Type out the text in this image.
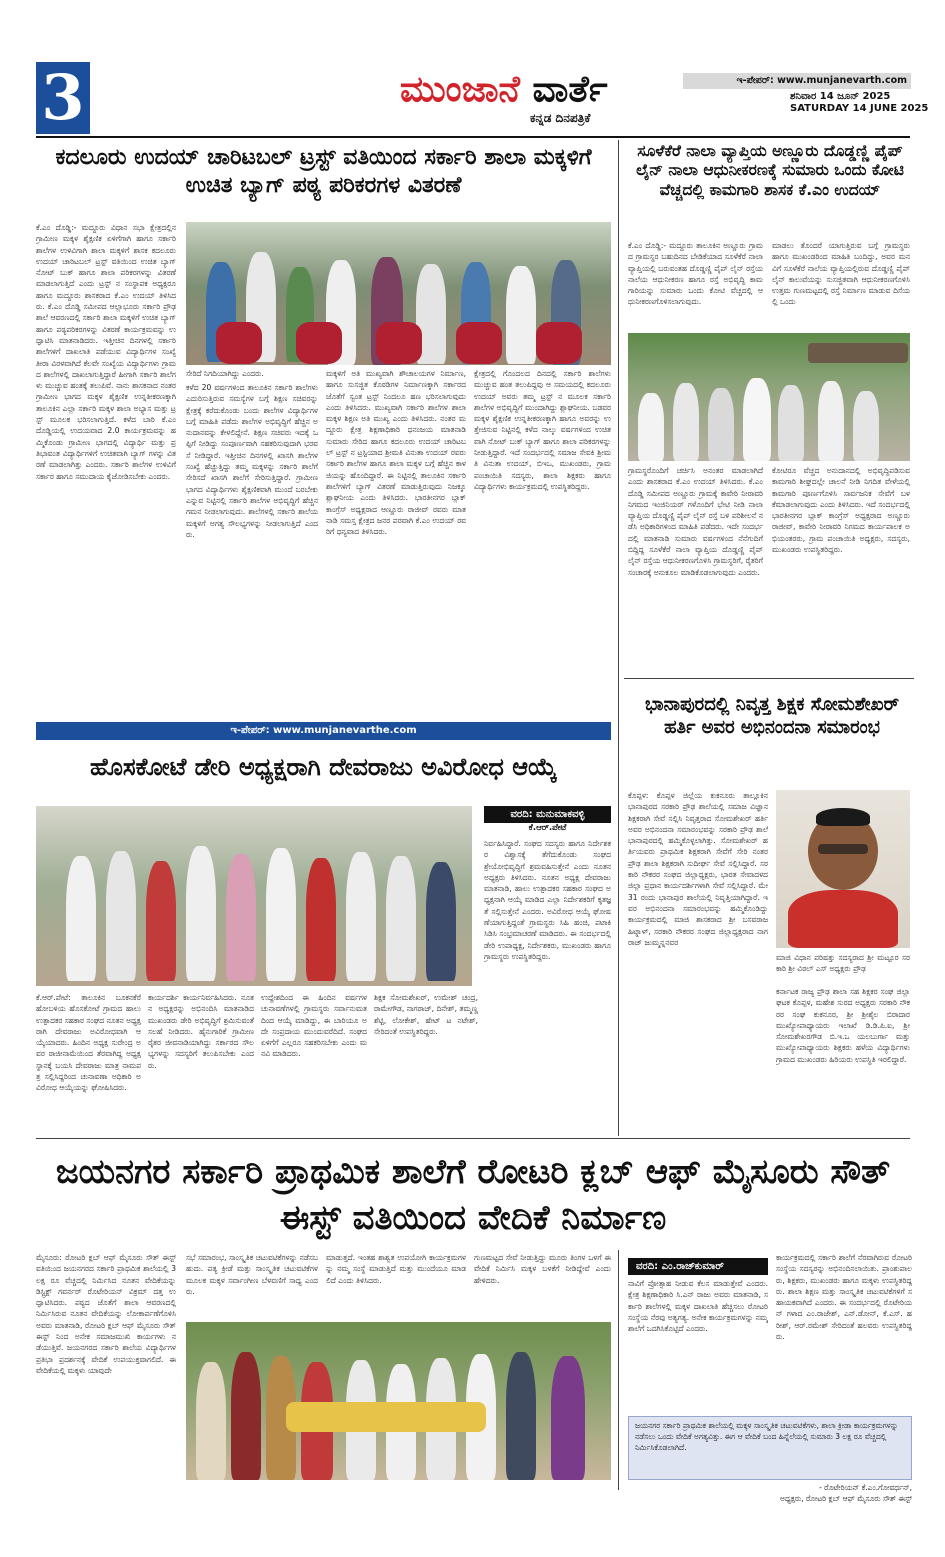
3	ಮುಂಜಾನೆ ವಾರ್ತೆ
ಕನ್ನಡ ದಿನಪತ್ರಿಕೆ
ಇ-ಪೇಪರ್: www.munjanevarth.com
ಶನಿವಾರ 14 ಜೂನ್ 2025
SATURDAY 14 JUNE 2025
ಕದಲೂರು ಉದಯ್ ಚಾರಿಟಬಲ್ ಟ್ರಸ್ಟ್ ವತಿಯಿಂದ ಸರ್ಕಾರಿ ಶಾಲಾ ಮಕ್ಕಳಿಗೆ ಉಚಿತ ಬ್ಯಾಗ್ ಪಠ್ಯ ಪರಿಕರಗಳ ವಿತರಣೆ
ಕೆ.ಎಂ ದೊಡ್ಡಿ:- ಮದ್ದೂರು ವಿಧಾನ ಸಭಾ ಕ್ಷೇತ್ರದಲ್ಲಿನ ಗ್ರಾಮೀಣ ಮಕ್ಕಳ ಶೈಕ್ಷಣಿಕ ಏಳಿಗೆಗಾಗಿ ಹಾಗೂ ಸರ್ಕಾರಿ ಶಾಲೆಗಳ ಉಳಿವಿಗಾಗಿ ಶಾಲಾ ಮಕ್ಕಳಿಗೆ ಶಾಸಕ ಕದಲೂರು ಉದಯ್ ಚಾರಿಟಬಲ್ ಟ್ರಸ್ಟ್ ವತಿಯಿಂದ ಉಚಿತ ಬ್ಯಾಗ್ ನೋಟ್ ಬುಕ್ ಹಾಗೂ ಶಾಲಾ ಪರಿಕರಗಳನ್ನು ವಿತರಣೆ ಮಾಡಲಾಗುತ್ತಿದೆ ಎಂದು ಟ್ರಸ್ಟ್ ನ ಸಂಸ್ಥಾಪಕ ಅಧ್ಯಕ್ಷರೂ ಹಾಗೂ ಮದ್ದೂರು ಶಾಸಕರಾದ ಕೆ.ಎಂ ಉದಯ್ ತಿಳಿಸಿದರು. ಕೆ.ಎಂ ದೊಡ್ಡಿ ಸಮೀಪದ ಆಲ್ಲಾಭೂರು ಸರ್ಕಾರಿ ಪ್ರೌಢಶಾಲೆ ಆವರಣದಲ್ಲಿ ಸರ್ಕಾರಿ ಶಾಲಾ ಮಕ್ಕಳಿಗೆ ಉಚಿತ ಬ್ಯಾಗ್ ಹಾಗೂ ಪಠ್ಯಪರಿಕರಗಳನ್ನು ವಿತರಣೆ ಕಾರ್ಯಕ್ರಮವನ್ನು ಉದ್ಘಾಟಿಸಿ ಮಾತನಾಡಿದರು. ಇತ್ತೀಚಿನ ದಿನಗಳಲ್ಲಿ ಸರ್ಕಾರಿ ಶಾಲೆಗಳಿಗೆ ದಾಖಲಾತಿ ಪಡೆಯುವ ವಿದ್ಯಾರ್ಥಿಗಳ ಸಂಖ್ಯೆ ತೀರಾ ವಿರಳವಾಗಿದೆ ಕೆಲವೇ ಸಂಖ್ಯೆಯ ವಿದ್ಯಾರ್ಥಿಗಳು ಗ್ರಾಮದ ಶಾಲೆಗಳಲ್ಲಿ ದಾಖಲಾಗುತ್ತಿದ್ದಾರೆ ಹೀಗಾಗಿ ಸರ್ಕಾರಿ ಶಾಲೆಗಳು ಮುಚ್ಚುವ ಹಂತಕ್ಕೆ ತಲುಪಿವೆ. ನಾನು ಶಾಸಕನಾದ ನಂತರ ಗ್ರಾಮೀಣ ಭಾಗದ ಮಕ್ಕಳ ಶೈಕ್ಷಣಿಕ ಉನ್ನತೀಕರಣಕ್ಕಾಗಿ ತಾಲೂಕಿನ ಎಲ್ಲಾ ಸರ್ಕಾರಿ ಮಕ್ಕಳ ಶಾಲಾ ಅಭ್ಯಾಸ ಮತ್ತು ಟ್ರಸ್ಟ್ ಮೂಲಕ ಭರಿಸಲಾಗುತ್ತಿದೆ. ಕಳೆದ ಬಾರಿ ಕೆ.ಎಂ ದೊಡ್ಡಿಯಲ್ಲಿ ಉದಯವಾದ 2.0 ಕಾರ್ಯಕ್ರಮವನ್ನು ಹಮ್ಮಿಕೊಂಡು ಗ್ರಾಮೀಣ ಭಾಗದಲ್ಲಿ ವಿದ್ಯಾರ್ಥಿ ಮತ್ತು ಪ್ರತಿಭಾವಂತ ವಿದ್ಯಾರ್ಥಿಗಳಿಗೆ ಉಚಿತವಾಗಿ ಬ್ಯಾಗ್ ಗಳನ್ನು ವಿತರಣೆ ಮಾಡಲಾಗಿತ್ತು ಎಂದರು. ಸರ್ಕಾರಿ ಶಾಲೆಗಳ ಉಳಿವಿಗೆ ಸರ್ಕಾರ ಹಾಗೂ ಸಮುದಾಯ ಕೈಜೋಡಿಸಬೇಕು ಎಂದರು.
ಸೇರಿದೆ ನಿಗದಿಯಾಗಿದ್ದು ಎಂದರು.
ಕಳೆದ 20 ವರ್ಷಗಳಿಂದ ತಾಲೂಕಿನ ಸರ್ಕಾರಿ ಶಾಲೆಗಳು ಎದುರಿಸುತ್ತಿರುವ ಸಮಸ್ಯೆಗಳ ಬಗ್ಗೆ ಶಿಕ್ಷಣ ಸಚಿವರನ್ನು ಕ್ಷೇತ್ರಕ್ಕೆ ಕರೆದುಕೊಂಡು ಬಂದು ಶಾಲೆಗಳ ವಿದ್ಯಾರ್ಥಿಗಳ ಬಗ್ಗೆ ಮಾಹಿತಿ ಪಡೆದು ಶಾಲೆಗಳ ಅಭಿವೃದ್ಧಿಗೆ ಹೆಚ್ಚಿನ ಅನುದಾನವನ್ನು ಕೇಳಲಿದ್ದೇನೆ. ಶಿಕ್ಷಣ ಸಚಿವರು ಇದಕ್ಕೆ ಒಪ್ಪಿಗೆ ನೀಡಿದ್ದು ಸಂಪೂರ್ಣವಾಗಿ ಸಹಕರಿಸುವುದಾಗಿ ಭರವಸೆ ನೀಡಿದ್ದಾರೆ. ಇತ್ತೀಚಿನ ದಿನಗಳಲ್ಲಿ ಖಾಸಗಿ ಶಾಲೆಗಳ ಸಂಖ್ಯೆ ಹೆಚ್ಚುತ್ತಿದ್ದು ತಮ್ಮ ಮಕ್ಕಳನ್ನು ಸರ್ಕಾರಿ ಶಾಲೆಗೆ ಸೇರಿಸದೆ ಖಾಸಗಿ ಶಾಲೆಗೆ ಸೇರಿಸುತ್ತಿದ್ದಾರೆ. ಗ್ರಾಮೀಣ ಭಾಗದ ವಿದ್ಯಾರ್ಥಿಗಳು ಶೈಕ್ಷಣಿಕವಾಗಿ ಮುಂದೆ ಬರಬೇಕು ಎನ್ನುವ ನಿಟ್ಟಿನಲ್ಲಿ ಸರ್ಕಾರಿ ಶಾಲೆಗಳ ಅಭಿವೃದ್ಧಿಗೆ ಹೆಚ್ಚಿನ ಗಮನ ನೀಡಲಾಗುವುದು. ಶಾಲೆಗಳಲ್ಲಿ ಸರ್ಕಾರಿ ಶಾಲೆಯ ಮಕ್ಕಳಿಗೆ ಅಗತ್ಯ ಸೌಲಭ್ಯಗಳನ್ನು ನೀಡಲಾಗುತ್ತಿದೆ ಎಂದರು.
ಮಕ್ಕಳಿಗೆ ಅತಿ ಮುಖ್ಯವಾಗಿ ಶೌಚಾಲಯಗಳ ನಿರ್ಮಾಣ,ಹಾಗೂ ಸುಸಜ್ಜಿತ ಕೊಠಡಿಗಳ ನಿರ್ಮಾಣಕ್ಕಾಗಿ ಸರ್ಕಾರದ ಜೊತೆಗೆ ಸ್ವಂತ ಟ್ರಸ್ಟ್ ನಿಂದಲೂ ಹಣ ಭರಿಸಲಾಗುವುದು ಎಂದು ತಿಳಿಸಿದರು. ಮುಖ್ಯವಾಗಿ ಸರ್ಕಾರಿ ಶಾಲೆಗಳ ಶಾಲಾ ಮಕ್ಕಳ ಶಿಕ್ಷಣ ಅತಿ ಮುಖ್ಯ ಎಂದು ತಿಳಿಸಿದರು. ನಂತರ ಮದ್ದೂರು ಕ್ಷೇತ್ರ ಶಿಕ್ಷಣಾಧಿಕಾರಿ ಧನಂಜಯ ಮಾತನಾಡಿ ಸುಮಾರು ಸೇರಿದ ಹಾಗೂ ಕದಲೂರು ಉದಯ್ ಚಾರಿಟಬಲ್ ಟ್ರಸ್ಟ್ ನ ಟ್ರಸ್ಟಿಯಾದ ಶ್ರೀಮತಿ ವಿನುತಾ ಉದಯ್ ರವರು ಸರ್ಕಾರಿ ಶಾಲೆಗಳ ಹಾಗೂ ಶಾಲಾ ಮಕ್ಕಳ ಬಗ್ಗೆ ಹೆಚ್ಚಿನ ಕಾಳಜಿಯನ್ನು ಹೊಂದಿದ್ದಾರೆ. ಈ ನಿಟ್ಟಿನಲ್ಲಿ ತಾಲೂಕಿನ ಸರ್ಕಾರಿ ಶಾಲೆಗಳಿಗೆ ಬ್ಯಾಗ್ ವಿತರಣೆ ಮಾಡುತ್ತಿರುವುದು ನಿಜಕ್ಕೂ ಶ್ಲಾಘನೀಯ ಎಂದು ತಿಳಿಸಿದರು. ಭಾರತೀನಗರ ಬ್ಲಾಕ್ ಕಾಂಗ್ರೆಸ್ ಅಧ್ಯಕ್ಷರಾದ ಆಣ್ಣೂರು ರಾಜೀವ್ ರವರು ಮಾತನಾಡಿ ಸಮಸ್ತ ಕ್ಷೇತ್ರದ ಜನರ ಪರವಾಗಿ ಕೆ.ಎಂ ಉದಯ್ ರವರಿಗೆ ಧನ್ಯವಾದ ತಿಳಿಸಿದರು.
ಕ್ಷೇತ್ರದಲ್ಲಿ ಗೊಂದಲದ ದಿನದಲ್ಲಿ ಸರ್ಕಾರಿ ಶಾಲೆಗಳು ಮುಚ್ಚುವ ಹಂತ ತಲುಪಿದ್ದವು ಆ ಸಮಯದಲ್ಲಿ ಕದಲೂರು ಉದಯ್ ಅವರು ತಮ್ಮ ಟ್ರಸ್ಟ್ ನ ಮೂಲಕ ಸರ್ಕಾರಿ ಶಾಲೆಗಳ ಅಭಿವೃದ್ಧಿಗೆ ಮುಂದಾಗಿದ್ದು ಶ್ಲಾಘನೀಯ. ಬಡವರ ಮಕ್ಕಳ ಶೈಕ್ಷಣಿಕ ಉನ್ನತೀಕರಣಕ್ಕಾಗಿ ಹಾಗೂ ಅವರನ್ನು ಉತ್ತೇಜಿಸುವ ನಿಟ್ಟಿನಲ್ಲಿ ಕಳೆದ ನಾಲ್ಕು ವರ್ಷಗಳಿಂದ ಉಚಿತವಾಗಿ ನೋಟ್ ಬುಕ್ ಬ್ಯಾಗ್ ಹಾಗೂ ಶಾಲಾ ಪರಿಕರಗಳನ್ನು ನೀಡುತ್ತಿದ್ದಾರೆ. ಇದೆ ಸಂದರ್ಭದಲ್ಲಿ ಸಮಾಜ ಸೇವಕಿ ಶ್ರೀಮತಿ ವಿನುತಾ ಉದಯ್, ಬಿಇಒ, ಮುಖಂಡರು, ಗ್ರಾಮ ಪಂಚಾಯಿತಿ ಸದಸ್ಯರು, ಶಾಲಾ ಶಿಕ್ಷಕರು ಹಾಗೂ ವಿದ್ಯಾರ್ಥಿಗಳು ಕಾರ್ಯಕ್ರಮದಲ್ಲಿ ಉಪಸ್ಥಿತರಿದ್ದರು.
ಸೂಳೆಕೆರೆ ನಾಲಾ ವ್ಯಾಪ್ತಿಯ ಅಣ್ಣೂರು ದೊಡ್ಡಣ್ಣಿ ಪೈಪ್ ಲೈನ್ ನಾಲಾ ಆಧುನೀಕರಣಕ್ಕೆ ಸುಮಾರು ಒಂದು ಕೋಟಿ ವೆಚ್ಚದಲ್ಲಿ ಕಾಮಗಾರಿ ಶಾಸಕ ಕೆ.ಎಂ ಉದಯ್
ಕೆ.ಎಂ ದೊಡ್ಡಿ:- ಮದ್ದೂರು ತಾಲೂಕಿನ ಅಣ್ಣೂರು ಗ್ರಾಮದ ಗ್ರಾಮಸ್ಥರ ಬಹುದಿನದ ಬೇಡಿಕೆಯಾದ ಸೂಳೆಕೆರೆ ನಾಲಾ ವ್ಯಾಪ್ತಿಯಲ್ಲಿ ಬರುವಂತಹ ದೊಡ್ಡಣ್ಣಿ ಪೈಪ್ ಲೈನ್ ರಸ್ತೆಯ ನಾಲೆಯ ಆಧುನೀಕರಣ ಹಾಗೂ ರಸ್ತೆ ಅಭಿವೃದ್ಧಿ ಕಾಮಗಾರಿಯನ್ನು ಸುಮಾರು ಒಂದು ಕೋಟಿ ವೆಚ್ಚದಲ್ಲಿ ಆಧುನೀಕರಣಗೊಳಿಸಲಾಗುವುದು.
ಮಾಡಲು ತೊಂದರೆ ಯಾಗುತ್ತಿರುವ ಬಗ್ಗೆ ಗ್ರಾಮಸ್ಥರು ಹಾಗೂ ಮುಖಂಡರಿಂದ ಮಾಹಿತಿ ಬಂದಿದ್ದು, ಅವರ ಮನವಿಗೆ ಸೂಳೆಕೆರೆ ನಾಲೆಯ ವ್ಯಾಪ್ತಿಯಲ್ಲಿರುವ ದೊಡ್ಡಣ್ಣಿ ಪೈಪ್ ಲೈನ್ ಕಾಲುವೆಯನ್ನು ಸುಸಜ್ಜಿತವಾಗಿ ಆಧುನೀಕರಣಗೊಳಿಸಿ ಉತ್ತಮ ಗುಣಮಟ್ಟದಲ್ಲಿ ರಸ್ತೆ ನಿರ್ಮಾಣ ಮಾಡುವ ದಿಸೆಯಲ್ಲಿ ಒಂದು
ಗ್ರಾಮಸ್ಥರೊಂದಿಗೆ ಚರ್ಚಿಸಿ ಅನಂತರ ಮಾಡಲಾಗಿದೆ ಎಂದು ಶಾಸಕರಾದ ಕೆ.ಎಂ ಉದಯ್ ತಿಳಿಸಿದರು. ಕೆ.ಎಂ ದೊಡ್ಡಿ ಸಮೀಪದ ಅಣ್ಣೂರು ಗ್ರಾಮಕ್ಕೆ ಕಾವೇರಿ ನೀರಾವರಿ ನಿಗಮದ ಇಂಜಿನಿಯರ್ ಗಳೊಂದಿಗೆ ಭೇಟಿ ನೀಡಿ ನಾಲಾ ವ್ಯಾಪ್ತಿಯ ದೊಡ್ಡಣ್ಣಿ ಪೈಪ್ ಲೈನ್ ರಸ್ತೆ ಬಳಿ ಪರಿಶೀಲನೆ ನಡೆಸಿ ಅಧಿಕಾರಿಗಳಿಂದ ಮಾಹಿತಿ ಪಡೆದರು. ಇದೇ ಸಂದರ್ಭದಲ್ಲಿ ಮಾತನಾಡಿ ಸುಮಾರು ವರ್ಷಗಳಿಂದ ನೆನೆಗುದಿಗೆ ಬಿದ್ದಿದ್ದ ಸೂಳೆಕೆರೆ ನಾಲಾ ವ್ಯಾಪ್ತಿಯ ದೊಡ್ಡಣ್ಣಿ ಪೈಪ್ ಲೈನ್ ರಸ್ತೆಯ ಆಧುನೀಕರಣಗೊಳಿಸಿ ಗ್ರಾಮಸ್ಥರಿಗೆ, ರೈತರಿಗೆ ಸಂಚಾರಕ್ಕೆ ಅನುಕೂಲ ಮಾಡಿಕೊಡಲಾಗುವುದು ಎಂದರು.
ಕೋಟಿರೂ ವೆಚ್ಚದ ಅನುದಾನದಲ್ಲಿ ಅಭಿವೃದ್ಧಿಪಡಿಸುವ ಕಾಮಗಾರಿ ಶೀಘ್ರದಲ್ಲೇ ಚಾಲನೆ ನೀಡಿ ನಿಗದಿತ ವೇಳೆಯಲ್ಲಿ ಕಾಮಗಾರಿ ಪೂರ್ಣಗೊಳಿಸಿ ಸಾರ್ವಜನಿಕ ಸೇವೆಗೆ ಬಳಕೆಮಾಡಲಾಗುವುದು ಎಂದು ತಿಳಿಸಿದರು. ಇದೆ ಸಂದರ್ಭದಲ್ಲಿ ಭಾರತೀನಗರ ಬ್ಲಾಕ್ ಕಾಂಗ್ರೆಸ್ ಅಧ್ಯಕ್ಷರಾದ ಅಣ್ಣೂರು ರಾಜೀವ್, ಕಾವೇರಿ ನೀರಾವರಿ ನಿಗಮದ ಕಾರ್ಯಪಾಲಕ ಅಭಿಯಂತರರು, ಗ್ರಾಮ ಪಂಚಾಯಿತಿ ಅಧ್ಯಕ್ಷರು, ಸದಸ್ಯರು, ಮುಖಂಡರು ಉಪಸ್ಥಿತರಿದ್ದರು.
ಇ-ಪೇಪರ್: www.munjanevarthe.com
ಹೊಸಕೋಟೆ ಡೇರಿ ಅಧ್ಯಕ್ಷರಾಗಿ ದೇವರಾಜು ಅವಿರೋಧ ಆಯ್ಕೆ
ವರದಿ: ಮನುಮಾಕವಳ್ಳಿ
ಕೆ.ಆರ್.ಪೇಟೆ
ನಿರ್ವಹಿಸಿದ್ದಾರೆ. ಸಂಘದ ಸದಸ್ಯರು ಹಾಗೂ ನಿರ್ದೇಶಕರ ವಿಶ್ವಾಸಕ್ಕೆ ತೆಗೆದುಕೊಂಡು ಸಂಘದ ಶ್ರೇಯೋಭಿವೃದ್ಧಿಗೆ ಶ್ರಮವಹಿಸುತ್ತೇನೆ ಎಂದು ನೂತನ ಅಧ್ಯಕ್ಷರು ತಿಳಿಸಿದರು. ನೂತನ ಅಧ್ಯಕ್ಷ ದೇವರಾಜು ಮಾತನಾಡಿ, ಹಾಲು ಉತ್ಪಾದಕರ ಸಹಕಾರ ಸಂಘದ ಅಧ್ಯಕ್ಷನಾಗಿ ಆಯ್ಕೆ ಮಾಡಿದ ಎಲ್ಲಾ ನಿರ್ದೇಶಕರಿಗೆ ಕೃತಜ್ಞತೆ ಸಲ್ಲಿಸುತ್ತೇನೆ ಎಂದರು. ಅವಿರೋಧ ಆಯ್ಕೆ ಘೋಷಣೆಯಾಗುತ್ತಿದ್ದಂತೆ ಗ್ರಾಮಸ್ಥರು ಸಿಹಿ ಹಂಚಿ, ಪಟಾಕಿ ಸಿಡಿಸಿ ಸಂಭ್ರಮಾಚರಣೆ ಮಾಡಿದರು. ಈ ಸಂದರ್ಭದಲ್ಲಿ ಡೇರಿ ಉಪಾಧ್ಯಕ್ಷ, ನಿರ್ದೇಶಕರು, ಮುಖಂಡರು ಹಾಗೂ ಗ್ರಾಮಸ್ಥರು ಉಪಸ್ಥಿತರಿದ್ದರು.
ಕೆ.ಆರ್.ಪೇಟೆ: ತಾಲೂಕಿನ ಬೂಕನಕೆರೆ ಹೋಬಳಿಯ ಹೊಸಕೋಟೆ ಗ್ರಾಮದ ಹಾಲು ಉತ್ಪಾದಕರ ಸಹಕಾರ ಸಂಘದ ನೂತನ ಅಧ್ಯಕ್ಷರಾಗಿ ದೇವರಾಜು ಅವಿರೋಧವಾಗಿ ಆಯ್ಕೆಯಾದರು. ಹಿಂದಿನ ಅಧ್ಯಕ್ಷ ಸುರೇಂದ್ರ ಅವರ ರಾಜೀನಾಮೆಯಿಂದ ತೆರವಾಗಿದ್ದ ಅಧ್ಯಕ್ಷ ಸ್ಥಾನಕ್ಕೆ ಬಯಸಿ ದೇವರಾಜು ಮಾತ್ರ ನಾಮಪತ್ರ ಸಲ್ಲಿಸಿದ್ದರಿಂದ ಚುನಾವಣಾ ಅಧಿಕಾರಿ ಅವಿರೋಧ ಆಯ್ಕೆಯನ್ನು ಘೋಷಿಸಿದರು.
ಕಾರ್ಯದರ್ಶಿ ಕಾರ್ಯನಿರ್ವಹಿಸಿದರು. ನೂತನ ಅಧ್ಯಕ್ಷರನ್ನು ಅಭಿನಂದಿಸಿ ಮಾತನಾಡಿದ ಮುಖಂಡರು ಡೇರಿ ಅಭಿವೃದ್ಧಿಗೆ ಶ್ರಮಿಸುವಂತೆ ಸಲಹೆ ನೀಡಿದರು. ಹೈನುಗಾರಿಕೆ ಗ್ರಾಮೀಣ ರೈತರ ಜೀವನಾಡಿಯಾಗಿದ್ದು ಸರ್ಕಾರದ ಸೌಲಭ್ಯಗಳನ್ನು ಸದಸ್ಯರಿಗೆ ತಲುಪಿಸಬೇಕು ಎಂದರು.
ಉದ್ದೇಶದಿಂದ ಈ ಹಿಂದಿನ ವರ್ಷಗಳ ಚುನಾವಣೆಗಳಲ್ಲಿ ಗ್ರಾಮಸ್ಥರು ಸರ್ವಾನುಮತದಿಂದ ಆಯ್ಕೆ ಮಾಡಿದ್ದು, ಈ ಬಾರಿಯೂ ಅದೇ ಸಂಪ್ರದಾಯ ಮುಂದುವರೆದಿದೆ. ಸಂಘದ ಏಳಿಗೆಗೆ ಎಲ್ಲರೂ ಸಹಕರಿಸಬೇಕು ಎಂದು ಮನವಿ ಮಾಡಿದರು.
ಶಿಕ್ಷಕ ಸೋಮಶೇಖರ್, ಉಮೇಶ್ ಚಂದ್ರ, ರಾಮೇಗೌಡ, ನಾಗರಾಜ್, ದಿನೇಶ್, ತಮ್ಮಣ್ಣಶೆಟ್ಟಿ, ಲೋಕೇಶ್, ಹೇಟ್ ಟ ನಟೇಶ್, ಸೇರಿದಂತೆ ಉಪಸ್ಥಿತರಿದ್ದರು.
ಭಾನಾಪುರದಲ್ಲಿ ನಿವೃತ್ತ ಶಿಕ್ಷಕ ಸೋಮಶೇಖರ್ ಹರ್ತಿ ಅವರ ಅಭಿನಂದನಾ ಸಮಾರಂಭ
ಕೊಪ್ಪಳ: ಕೊಪ್ಪಳ ಜಿಲ್ಲೆಯ ಕುಕನೂರು ತಾಲ್ಲೂಕಿನ ಭಾನಾಪುರದ ಸರಕಾರಿ ಪ್ರೌಢ ಶಾಲೆಯಲ್ಲಿ ಸಮಾಜ ವಿಜ್ಞಾನ ಶಿಕ್ಷಕರಾಗಿ ಸೇವೆ ಸಲ್ಲಿಸಿ ನಿವೃತ್ತರಾದ ಸೋಮಶೇಖರ್ ಹರ್ತಿ ಅವರ ಅಭಿನಂದನಾ ಸಮಾರಂಭವನ್ನು ಸರಕಾರಿ ಪ್ರೌಢ ಶಾಲೆ ಭಾನಾಪುರದಲ್ಲಿ ಹಮ್ಮಿಕೊಳ್ಳಲಾಗಿತ್ತು. ಸೋಮಶೇಖರ್ ಹರ್ತಿಯವರು ಪ್ರಾಥಮಿಕ ಶಿಕ್ಷಕರಾಗಿ ಸೇವೆಗೆ ಸೇರಿ ನಂತರ ಪ್ರೌಢ ಶಾಲಾ ಶಿಕ್ಷಕರಾಗಿ ಸುದೀರ್ಘ ಸೇವೆ ಸಲ್ಲಿಸಿದ್ದಾರೆ. ಸರಕಾರಿ ನೌಕರರ ಸಂಘದ ಜಿಲ್ಲಾಧ್ಯಕ್ಷರು, ಭಾರತ ಸೇವಾದಳದ ಜಿಲ್ಲಾ ಪ್ರಧಾನ ಕಾರ್ಯದರ್ಶಿಗಳಾಗಿ ಸೇವೆ ಸಲ್ಲಿಸಿದ್ದಾರೆ. ಮೇ 31 ರಂದು ಭಾನಾಪುರ ಶಾಲೆಯಲ್ಲಿ ನಿವೃತ್ತಿಯಾಗಿದ್ದಾರೆ. ಇವರ ಅಭಿನಂದನಾ ಸಮಾರಂಭವನ್ನು ಹಮ್ಮಿಕೊಂಡಿದ್ದು ಕಾರ್ಯಕ್ರಮದಲ್ಲಿ ಮಾಜಿ ಶಾಸಕರಾದ ಶ್ರೀ ಬಸವರಾಜ ಹಿಟ್ನಾಳ್, ಸರಕಾರಿ ನೌಕರರ ಸಂಘದ ಜಿಲ್ಲಾಧ್ಯಕ್ಷರಾದ ನಾಗರಾಜ್ ಜುಮ್ಮನ್ನನವರ
ಮಾಜಿ ವಿಧಾನ ಪರಿಷತ್ತು ಸದಸ್ಯರಾದ ಶ್ರೀ ಮಟ್ಟೂರ ಸರಕಾರಿ ಶ್ರೀ ವಿಠಲ್ ಎಸ್ ಅಧ್ಯಕ್ಷರು ಪ್ರೌಢ
ಕರ್ನಾಟಕ ರಾಜ್ಯ ಪ್ರೌಢ ಶಾಲಾ ಸಹ ಶಿಕ್ಷಕರ ಸಂಘ ಜಿಲ್ಲಾ ಘಟಕ ಕೊಪ್ಪಳ, ಮಹೇಶ ಸುರದ ಅಧ್ಯಕ್ಷರು ಸರಕಾರಿ ನೌಕರರ ಸಂಘ ಕುಕನೂರ, ಶ್ರೀ ಶ್ರೀಶೈಲ ಬಿರಾದಾರ ಮುಖ್ಯೋಪಾಧ್ಯಾಯರು ಇಲಾಖೆ ಡಿ.ಡಿ.ಪಿ.ಐ, ಶ್ರೀ ಸೋಮಶೇಖರಗೌಡ ಬಿ.ಇ.ಒ ಯಲಬುರ್ಗಾ ಮತ್ತು ಮುಖ್ಯೋಪಾಧ್ಯಾಯರು ಶಿಕ್ಷಕರು ಹಳೆಯ ವಿದ್ಯಾರ್ಥಿಗಳು ಗ್ರಾಮದ ಮುಖಂಡರು ಹಿರಿಯರು ಉಪಸ್ಥಿತಿ ಇರಲಿದ್ದಾರೆ.
ಜಯನಗರ ಸರ್ಕಾರಿ ಪ್ರಾಥಮಿಕ ಶಾಲೆಗೆ ರೋಟರಿ ಕ್ಲಬ್ ಆಫ್ ಮೈಸೂರು ಸೌತ್ ಈಸ್ಟ್ ವತಿಯಿಂದ ವೇದಿಕೆ ನಿರ್ಮಾಣ
ಮೈಸೂರು: ರೋಟರಿ ಕ್ಲಬ್ ಆಫ್ ಮೈಸೂರು ಸೌತ್ ಈಸ್ಟ್ ವತಿಯಿಂದ ಜಯನಗರದ ಸರ್ಕಾರಿ ಪ್ರಾಥಮಿಕ ಶಾಲೆಯಲ್ಲಿ 3 ಲಕ್ಷ ರೂ ವೆಚ್ಚದಲ್ಲಿ ನಿರ್ಮಿಸಿದ ನೂತನ ವೇದಿಕೆಯನ್ನು ಡಿಸ್ಟ್ರಿಕ್ಟ್ ಗವರ್ನರ್ ರೊಟೇರಿಯನ್ ವಿಕ್ರಮ್ ದತ್ತ ಉದ್ಘಾಟಿಸಿದರು. ಪಠ್ಯದ ಜೊತೆಗೆ ಶಾಲಾ ಆವರಣದಲ್ಲಿ ನಿರ್ಮಿಸಿರುವ ನೂತನ ವೇದಿಕೆಯನ್ನು ಲೋಕಾರ್ಪಣೆಗೊಳಿಸಿ ಅವರು ಮಾತನಾಡಿ, ರೋಟರಿ ಕ್ಲಬ್ ಆಫ್ ಮೈಸೂರು ಸೌತ್ ಈಸ್ಟ್ ನಿಂದ ಅನೇಕ ಸಮಾಜಮುಖಿ ಕಾರ್ಯಗಳು ನಡೆಯುತ್ತಿವೆ. ಜಯನಗರದ ಸರ್ಕಾರಿ ಶಾಲೆಯ ವಿದ್ಯಾರ್ಥಿಗಳ ಪ್ರತಿಭಾ ಪ್ರದರ್ಶನಕ್ಕೆ ವೇದಿಕೆ ಉಪಯುಕ್ತವಾಗಲಿದೆ. ಈ ವೇದಿಕೆಯಲ್ಲಿ ಮಕ್ಕಳು ಯಾವುದೇ
ಸಭೆ ಸಮಾರಂಭ, ಸಾಂಸ್ಕೃತಿಕ ಚಟುವಟಿಕೆಗಳನ್ನು ನಡೆಸಬಹುದು. ಪತ್ಯ ಕ್ರೀಡೆ ಮತ್ತು ಸಾಂಸ್ಕೃತಿಕ ಚಟುವಟಿಕೆಗಳ ಮೂಲಕ ಮಕ್ಕಳ ಸರ್ವಾಂಗೀಣ ಬೆಳವಣಿಗೆ ಸಾಧ್ಯ ಎಂದರು.
ಮಾಡುತ್ತದೆ. ಇಂತಹ ಶಾಶ್ವತ ಉಪಯೋಗಿ ಕಾರ್ಯಕ್ರಮಗಳನ್ನು ನಮ್ಮ ಸಂಸ್ಥೆ ಮಾಡುತ್ತಿದೆ ಮತ್ತು ಮುಂದೆಯೂ ಮಾಡಲಿದೆ ಎಂದು ತಿಳಿಸಿದರು.
ಗುಣಮಟ್ಟದ ಸೇವೆ ನೀಡುತ್ತಿದ್ದು ಮೂರು ತಿಂಗಳ ಒಳಗೆ ಈ ವೇದಿಕೆ ನಿರ್ಮಿಸಿ ಮಕ್ಕಳ ಬಳಕೆಗೆ ನೀಡಿದ್ದೇವೆ ಎಂದು ಹೇಳಿದರು.
ವರದಿ: ಎಂ.ರಾಜ್‍ಕುಮಾರ್
ನಾವಿಗೆ ಪ್ರೋತ್ಸಾಹ ನೀಡುವ ಕೆಲಸ ಮಾಡುತ್ತೇವೆ ಎಂದರು. ಕ್ಷೇತ್ರ ಶಿಕ್ಷಣಾಧಿಕಾರಿ ಸಿ.ಎನ್ ರಾಜು ಅವರು ಮಾತನಾಡಿ, ಸರ್ಕಾರಿ ಶಾಲೆಗಳಲ್ಲಿ ಮಕ್ಕಳ ದಾಖಲಾತಿ ಹೆಚ್ಚಿಸಲು ರೋಟರಿ ಸಂಸ್ಥೆಯ ನೆರವು ಅತ್ಯಗತ್ಯ. ಅನೇಕ ಕಾರ್ಯಕ್ರಮಗಳನ್ನು ನಮ್ಮ ಶಾಲೆಗೆ ಒದಗಿಸಿಕೊಟ್ಟಿದೆ ಎಂದರು.
ಕಾರ್ಯಕ್ರಮದಲ್ಲಿ ಸರ್ಕಾರಿ ಶಾಲೆಗೆ ನೆರವಾಗಿರುವ ರೋಟರಿ ಸಂಸ್ಥೆಯ ಸದಸ್ಯರನ್ನು ಅಭಿನಂದಿಸಲಾಯಿತು. ಪ್ರಾಂಶುಪಾಲರು, ಶಿಕ್ಷಕರು, ಮುಖಂಡರು ಹಾಗೂ ಮಕ್ಕಳು ಉಪಸ್ಥಿತರಿದ್ದರು. ಶಾಲಾ ಶಿಕ್ಷಣ ಮತ್ತು ಸಾಂಸ್ಕೃತಿಕ ಚಟುವಟಿಕೆಗಳಿಗೆ ಸಹಾಯಕವಾಗಿದೆ ಎಂದರು. ಈ ಸಂದರ್ಭದಲ್ಲಿ ರೊಟೇರಿಯನ್ ಗಳಾದ ಎಂ.ರಾಜೇಶ್, ಎನ್.ಡೋನ್, ಕೆ.ಎಸ್. ಹರೀಶ್, ಆರ್.ರಮೇಶ್ ಸೇರಿದಂತೆ ಹಲವರು ಉಪಸ್ಥಿತರಿದ್ದರು.
ಜಯನಗರ ಸರ್ಕಾರಿ ಪ್ರಾಥಮಿಕ ಶಾಲೆಯಲ್ಲಿ ಮಕ್ಕಳ ಸಾಂಸ್ಕೃತಿಕ ಚಟುವಟಿಕೆಗಳು, ಶಾಲಾ ಕ್ರೀಡಾ ಕಾರ್ಯಕ್ರಮಗಳನ್ನು ನಡೆಸಲು ಒಂದು ವೇದಿಕೆ ಅಗತ್ಯವಿತ್ತು. ಈಗ ಆ ವೇದಿಕೆ ಬಂದ ಹಿನ್ನೆಲೆಯಲ್ಲಿ ಸುಮಾರು 3 ಲಕ್ಷ ರೂ ವೆಚ್ಚದಲ್ಲಿ ನಿರ್ಮಿಸಿಕೊಡಲಾಗಿದೆ.
- ರೊಟೇರಿಯನ್ ಕೆ.ಎಂ.ಗೋವರ್ಧನ್,
ಅಧ್ಯಕ್ಷರು, ರೋಟರಿ ಕ್ಲಬ್ ಆಫ್ ಮೈಸೂರು ಸೌತ್ ಈಸ್ಟ್
